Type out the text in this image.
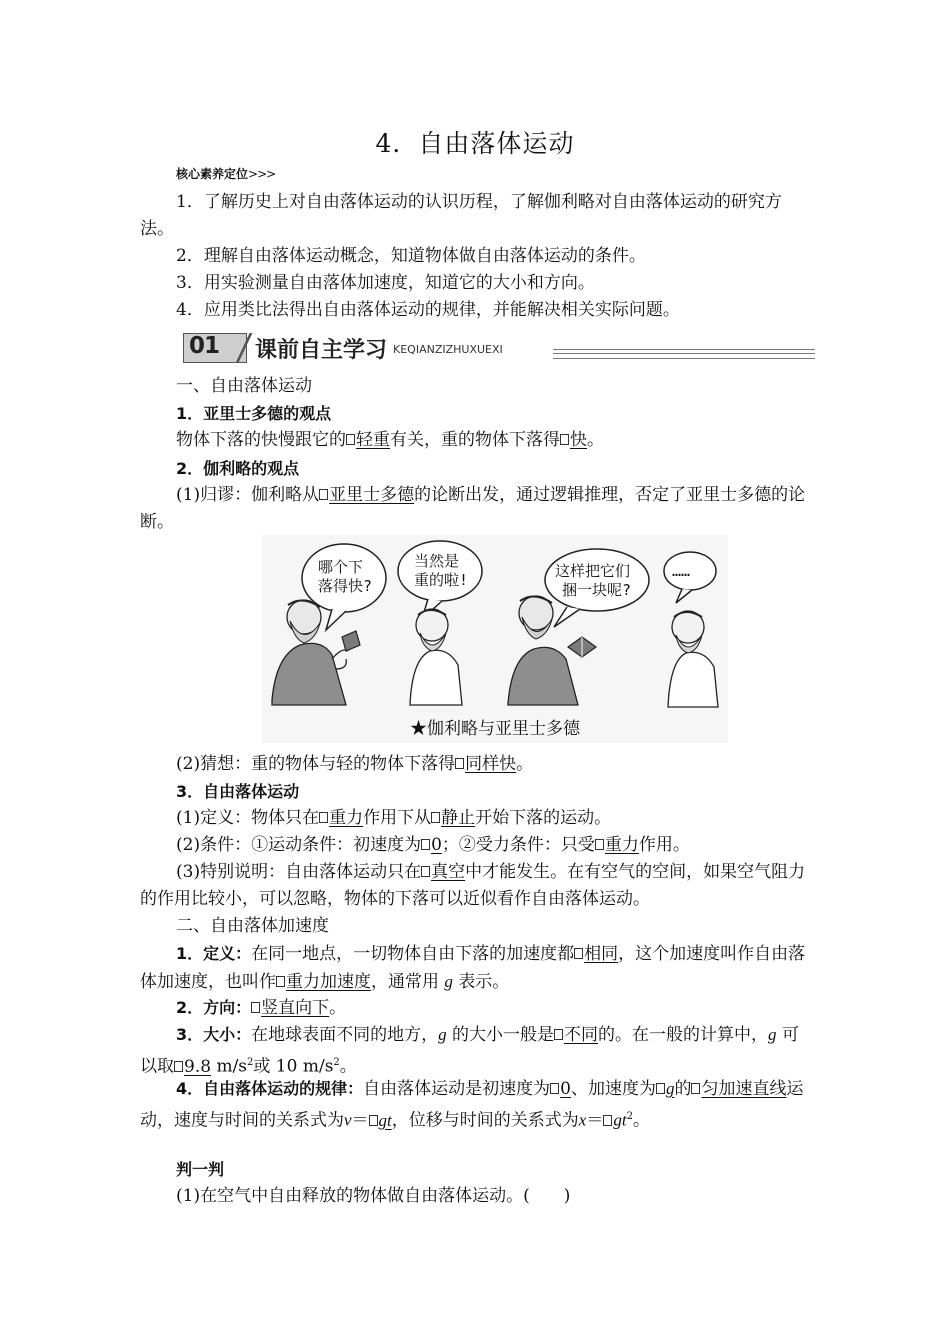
4．自由落体运动
核心素养定位>>>
1．了解历史上对自由落体运动的认识历程，了解伽利略对自由落体运动的研究方法。
2．理解自由落体运动概念，知道物体做自由落体运动的条件。
3．用实验测量自由落体加速度，知道它的大小和方向。
4．应用类比法得出自由落体运动的规律，并能解决相关实际问题。
01 课前自主学习 KEQIANZIZHUXUEXI
一、自由落体运动
1．亚里士多德的观点
物体下落的快慢跟它的 轻重有关，重的物体下落得 快。
2．伽利略的观点
(1)归谬：伽利略从 亚里士多德的论断出发，通过逻辑推理，否定了亚里士多德的论断。
哪个下
落得快?
当然是
重的啦!	这样把它们
捆一块呢?
……
★伽利略与亚里士多德
(2)猜想：重的物体与轻的物体下落得 同样快。
3．自由落体运动
(1)定义：物体只在 重力作用下从 静止开始下落的运动。
(2)条件：①运动条件：初速度为 0；②受力条件：只受 重力作用。
(3)特别说明：自由落体运动只在 真空中才能发生。在有空气的空间，如果空气阻力的作用比较小，可以忽略，物体的下落可以近似看作自由落体运动。
二、自由落体加速度
1．定义：在同一地点，一切物体自由下落的加速度都 相同，这个加速度叫作自由落体加速度，也叫作 重力加速度，通常用 g 表示。
2．方向： 竖直向下。
3．大小：在地球表面不同的地方，g 的大小一般是 不同的。在一般的计算中，g 可以取 9.8 $m/s^2$或 10 $m/s^2$。
4．自由落体运动的规律：自由落体运动是初速度为 0、加速度为 g的 匀加速直线运动，速度与时间的关系式为v＝ gt，位移与时间的关系式为$x= gt^2$。
判一判
(1)在空气中自由释放的物体做自由落体运动。(　　)
